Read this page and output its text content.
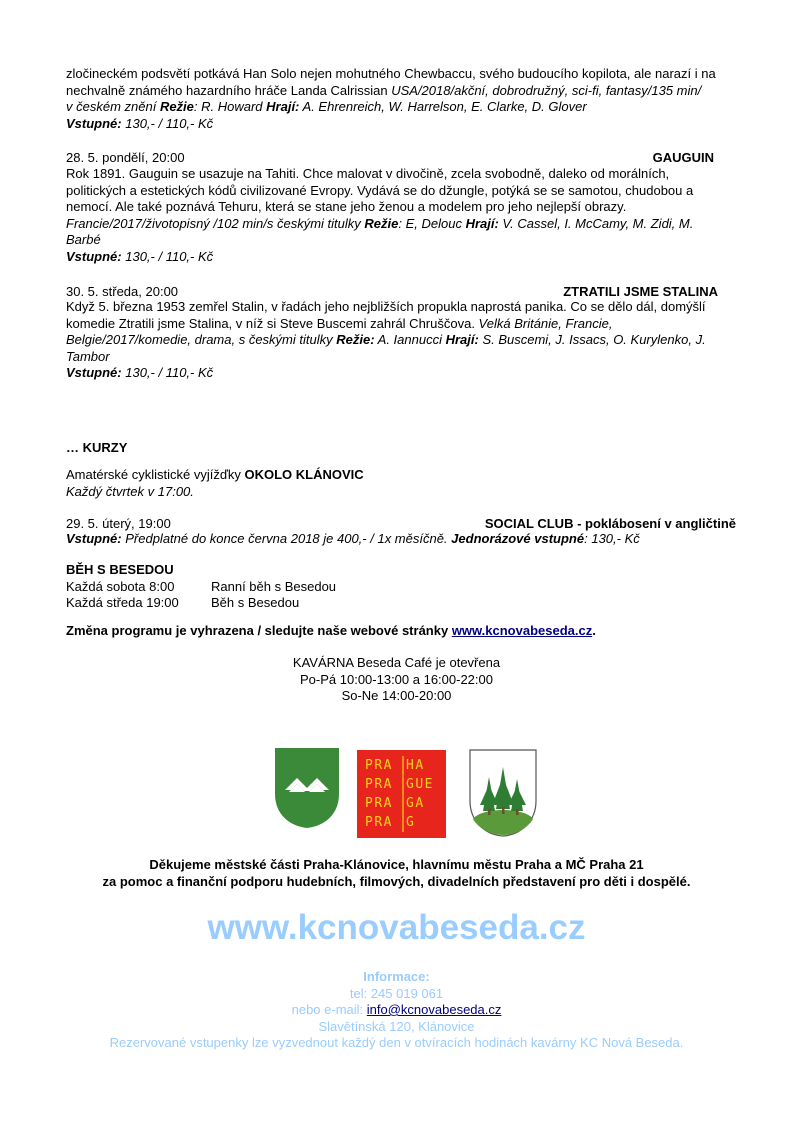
zločineckém podsvětí potkává Han Solo nejen mohutného Chewbaccu, svého budoucího kopilota, ale narazí i na

nechvalně známého hazardního hráče Landa Calrissian USA/2018/akční, dobrodružný, sci-fi, fantasy/135 min/

v českém znění Režie: R. Howard Hrají: A. Ehrenreich, W. Harrelson, E. Clarke, D. Glover

Vstupné: 130,- / 110,- Kč

28. 5. pondělí, 20:00	GAUGUIN

Rok 1891. Gauguin se usazuje na Tahiti. Chce malovat v divočině, zcela svobodně, daleko od morálních,

politických a estetických kódů civilizované Evropy. Vydává se do džungle, potýká se se samotou, chudobou a

nemocí. Ale také poznává Tehuru, která se stane jeho ženou a modelem pro jeho nejlepší obrazy.

Francie/2017/životopisný /102 min/s českými titulky Režie: E, Delouc Hrají: V. Cassel, I. McCamy, M. Zidi, M.

Barbé

Vstupné: 130,- / 110,- Kč

30. 5. středa, 20:00	ZTRATILI JSME STALINA

Když 5. března 1953 zemřel Stalin, v řadách jeho nejbližších propukla naprostá panika. Co se dělo dál, domýšlí

komedie Ztratili jsme Stalina, v níž si Steve Buscemi zahrál Chruščova. Velká Británie, Francie,

Belgie/2017/komedie, drama, s českými titulky Režie: A. Iannucci Hrají: S. Buscemi, J. Issacs, O. Kurylenko, J.

Tambor

Vstupné: 130,- / 110,- Kč

… KURZY

Amatérské cyklistické vyjížďky OKOLO KLÁNOVIC

Každý čtvrtek v 17:00.

29. 5. úterý, 19:00	SOCIAL CLUB - poklábosení v angličtině
Vstupné: Předplatné do konce června 2018 je 400,- / 1x měsíčně. Jednorázové vstupné: 130,- Kč

BĚH S BESEDOU

Každá sobota 8:00	Ranní běh s Besedou

Každá středa 19:00 Běh s Besedou

Změna programu je vyhrazena / sledujte naše webové stránky www.kcnovabeseda.cz.

KAVÁRNA Beseda Café je otevřena

Po-Pá 10:00-13:00 a 16:00-22:00

So-Ne 14:00-20:00

PRA HA
PRA GUE
PRA GA
PRA G

Děkujeme městské části Praha-Klánovice, hlavnímu městu Praha a MČ Praha 21

za pomoc a finanční podporu hudebních, filmových, divadelních představení pro děti i dospělé.

www.kcnovabeseda.cz

Informace:

tel: 245 019 061

nebo e-mail: info@kcnovabeseda.cz

Slavětínská 120, Klánovice

Rezervované vstupenky lze vyzvednout každý den v otvíracích hodinách kavárny KC Nová Beseda.
